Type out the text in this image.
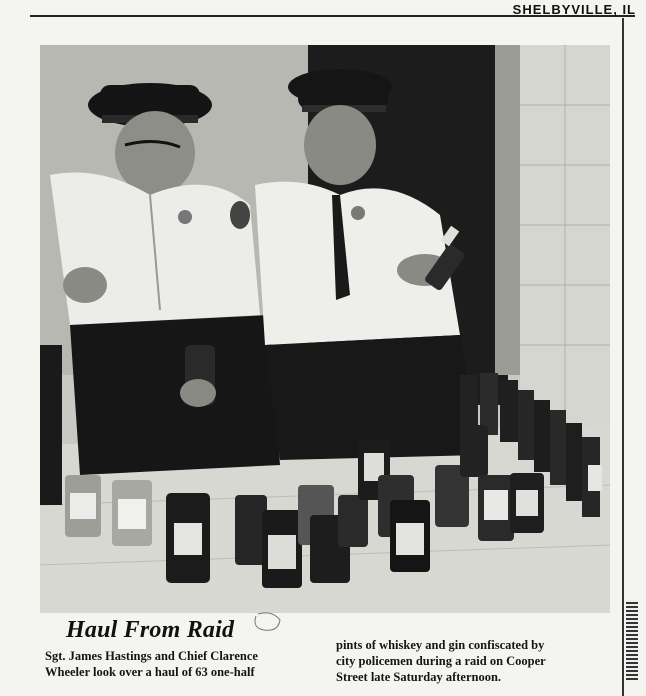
SHELBYVILLE, IL
Haul From Raid

Sgt. James Hastings and Chief Clarence
Wheeler look over a haul of 63 one-half

pints of whiskey and gin confiscated by
city policemen during a raid on Cooper
Street late Saturday afternoon.
